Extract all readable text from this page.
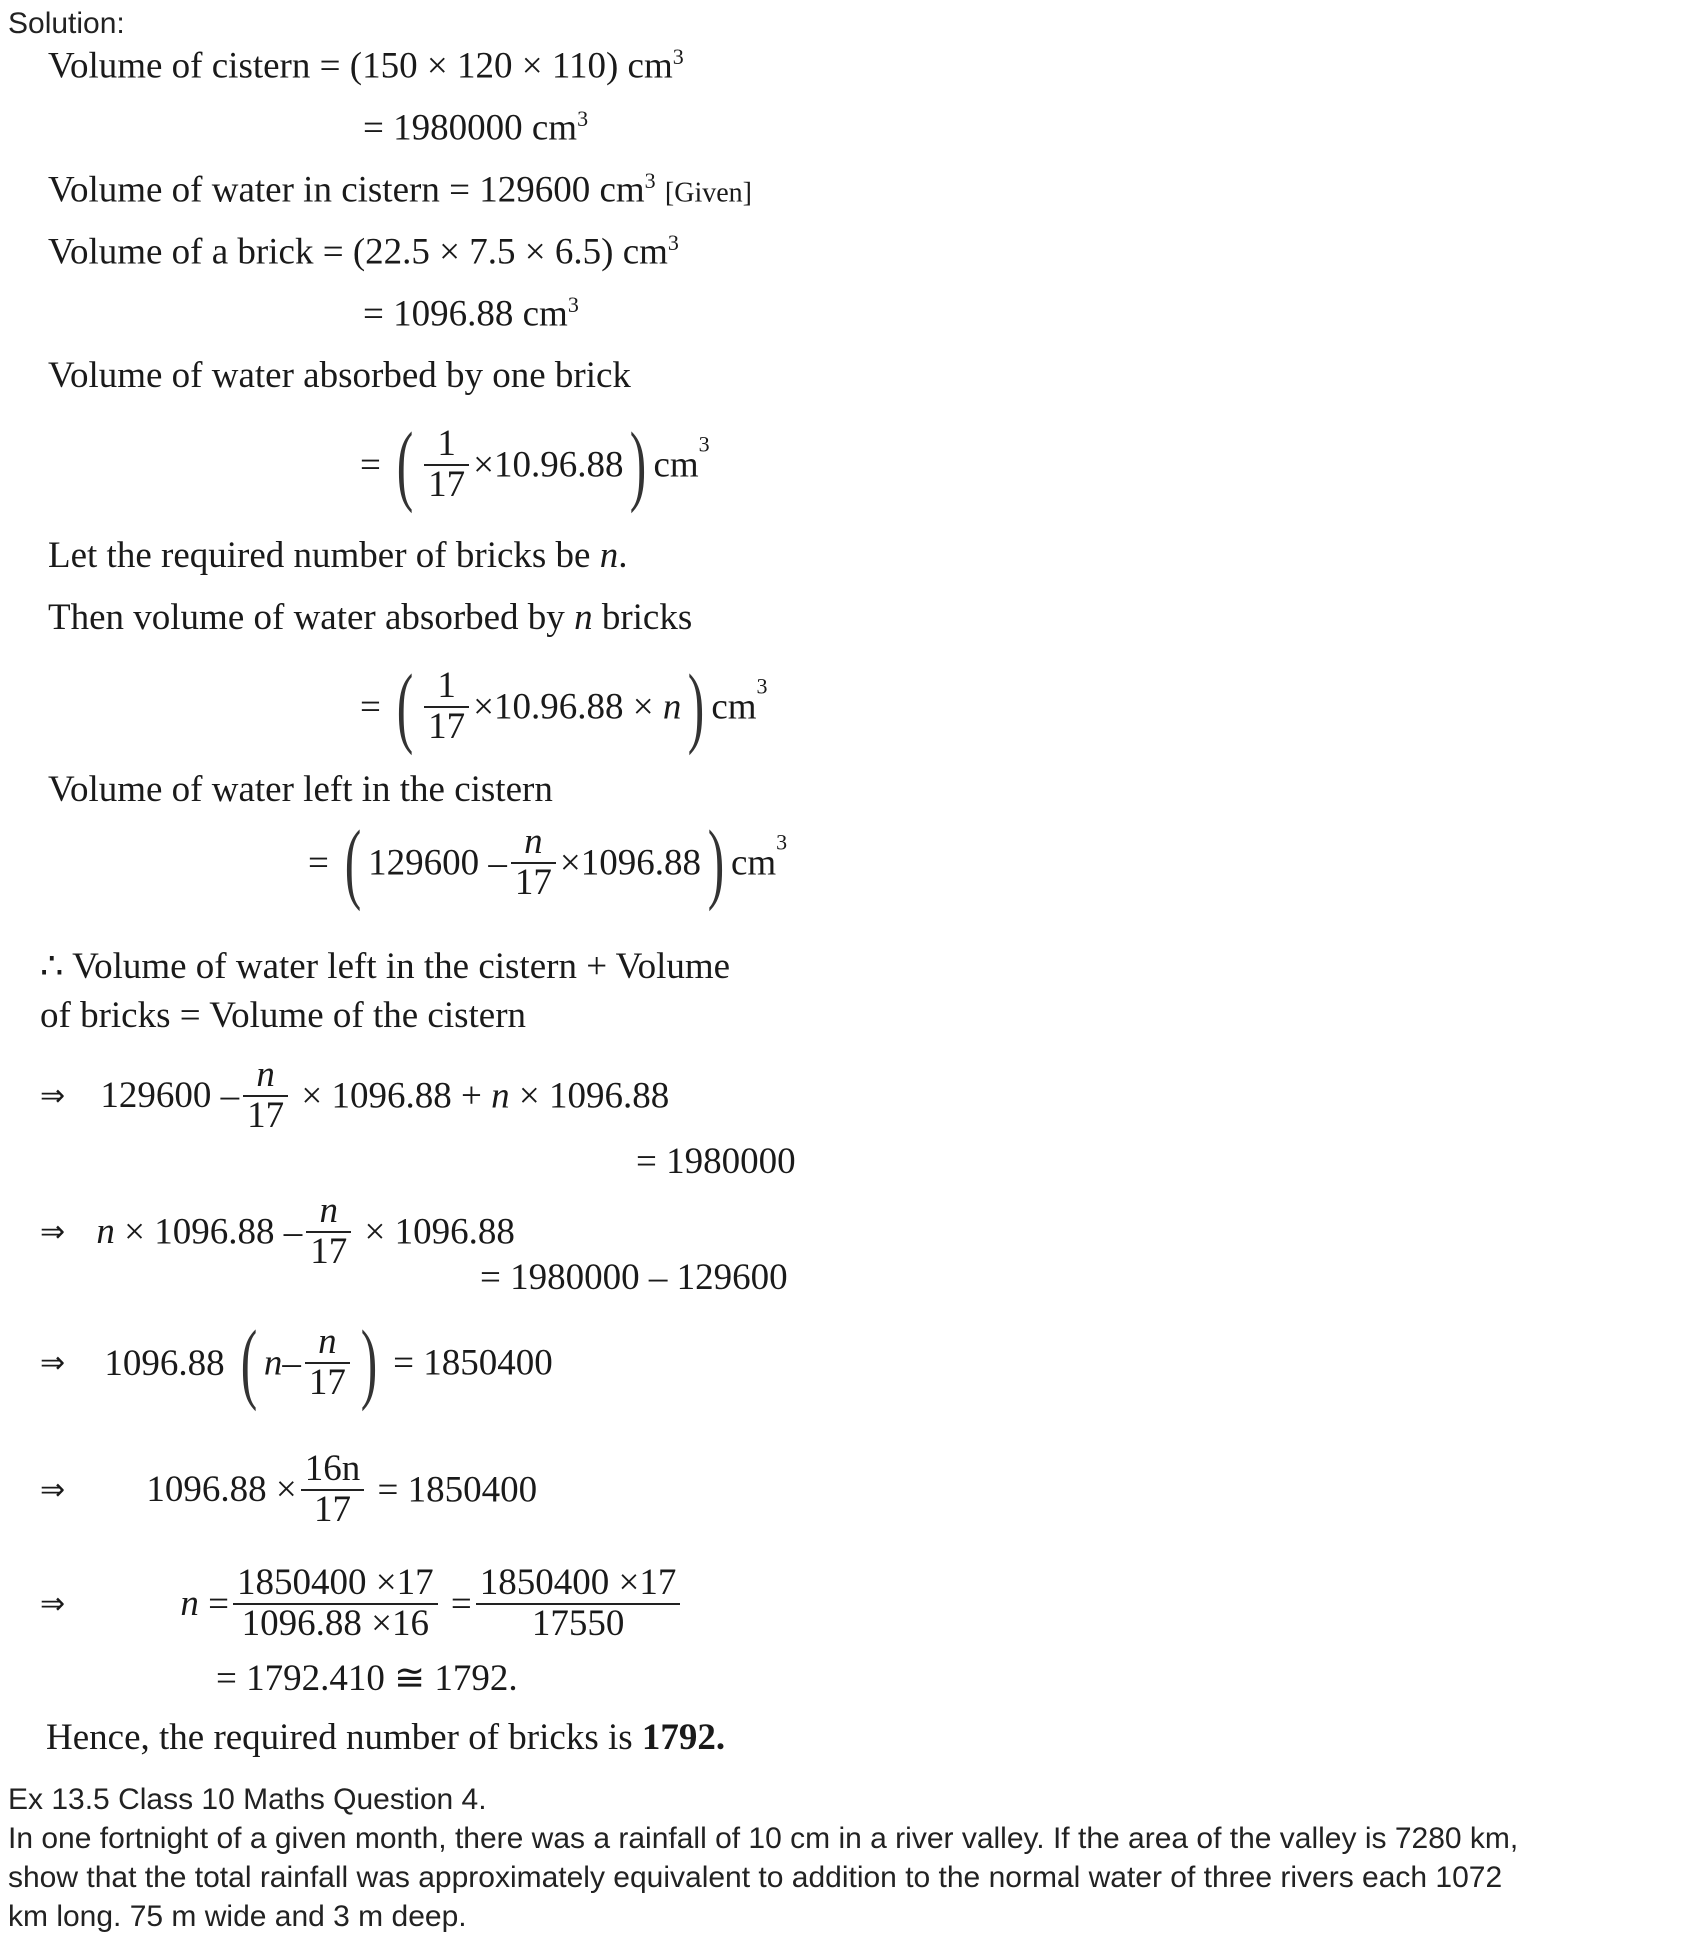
Solution:
Volume of cistern = (150 × 120 × 110) $cm^3$
= 1980000 $cm^3$
Volume of water in cistern = 129600 $cm^3$ [Given]
Volume of a brick = (22.5 × 7.5 × 6.5) $cm^3$
= 1096.88 $cm^3$
Volume of water absorbed by one brick
= ( $\frac{1}{17} \times 10.96.88$) $cm^3$
Let the required number of bricks be n.
Then volume of water absorbed by n bricks
= ( $\frac{1}{17} \times 10.96.88 \times n$) $cm^3$
Volume of water left in the cistern
= ( $129600 - \frac{n}{17} \times 1096.88$) $cm^3$
∴ Volume of water left in the cistern + Volume
of bricks = Volume of the cistern
⇒ $129600 - \frac{n}{17} \times 1096.88 + n \times 1096.88$
= 1980000
⇒ $n \times 1096.88 - \frac{n}{17} \times 1096.88$
= 1980000 – 129600
⇒ 1096.88 ( $n- \frac{n}{17}$ ) = 1850400
⇒ $1096.88 \times \frac{16n}{17} = 1850400$
⇒	$n = \frac{1850400 \times 17}{1096.88 \times 16} = \frac{1850400 \times 17}{17550}$
= 1792.410 ≅ 1792.
Hence, the required number of bricks is 1792.
Ex 13.5 Class 10 Maths Question 4.
In one fortnight of a given month, there was a rainfall of 10 cm in a river valley. If the area of the valley is 7280 km,
show that the total rainfall was approximately equivalent to addition to the normal water of three rivers each 1072
km long. 75 m wide and 3 m deep.
